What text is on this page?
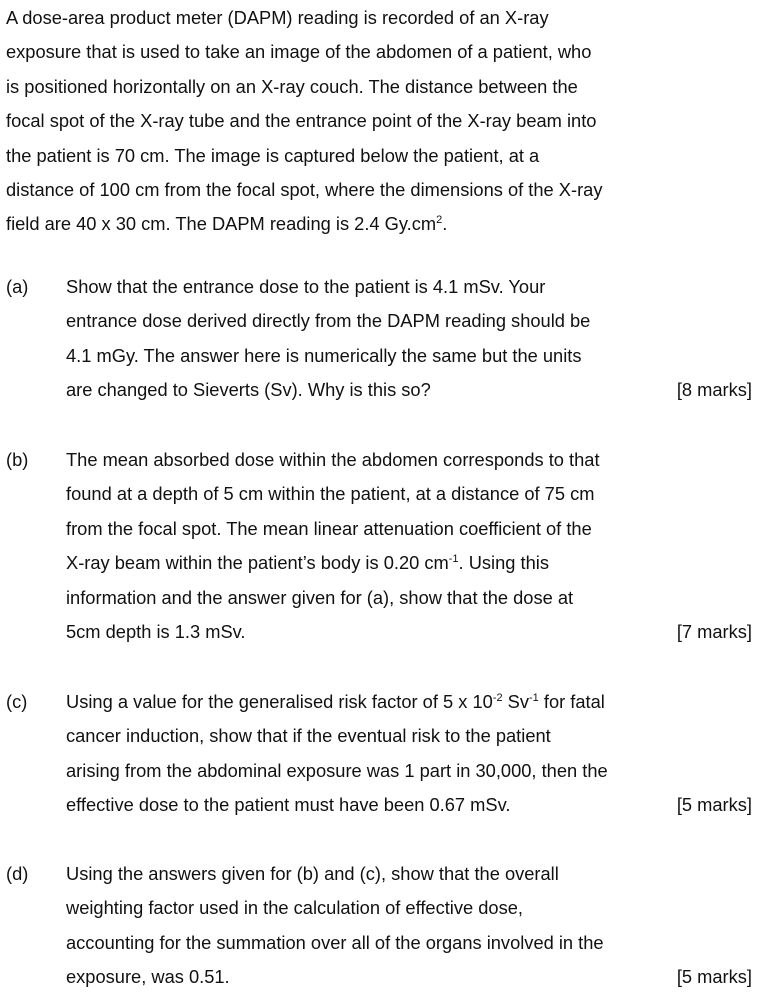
A dose-area product meter (DAPM) reading is recorded of an X-ray
exposure that is used to take an image of the abdomen of a patient, who
is positioned horizontally on an X-ray couch. The distance between the
focal spot of the X-ray tube and the entrance point of the X-ray beam into
the patient is 70 cm. The image is captured below the patient, at a
distance of 100 cm from the focal spot, where the dimensions of the X-ray
field are 40 x 30 cm. The DAPM reading is 2.4 $Gy.cm^2$.
(a) Show that the entrance dose to the patient is 4.1 mSv. Your
entrance dose derived directly from the DAPM reading should be
4.1 mGy. The answer here is numerically the same but the units
are changed to Sieverts (Sv). Why is this so?	[8 marks]
(b) The mean absorbed dose within the abdomen corresponds to that
found at a depth of 5 cm within the patient, at a distance of 75 cm
from the focal spot. The mean linear attenuation coefficient of the
X-ray beam within the patient’s body is 0.20 $cm^{-1}$. Using this
information and the answer given for (a), show that the dose at
5cm depth is 1.3 mSv.	[7 marks]
(c) Using a value for the generalised risk factor of 5 x $10^{-2}$ $Sv^{-1}$ for fatal
cancer induction, show that if the eventual risk to the patient
arising from the abdominal exposure was 1 part in 30,000, then the
effective dose to the patient must have been 0.67 mSv.	[5 marks]
(d) Using the answers given for (b) and (c), show that the overall
weighting factor used in the calculation of effective dose,
accounting for the summation over all of the organs involved in the
exposure, was 0.51.	[5 marks]
